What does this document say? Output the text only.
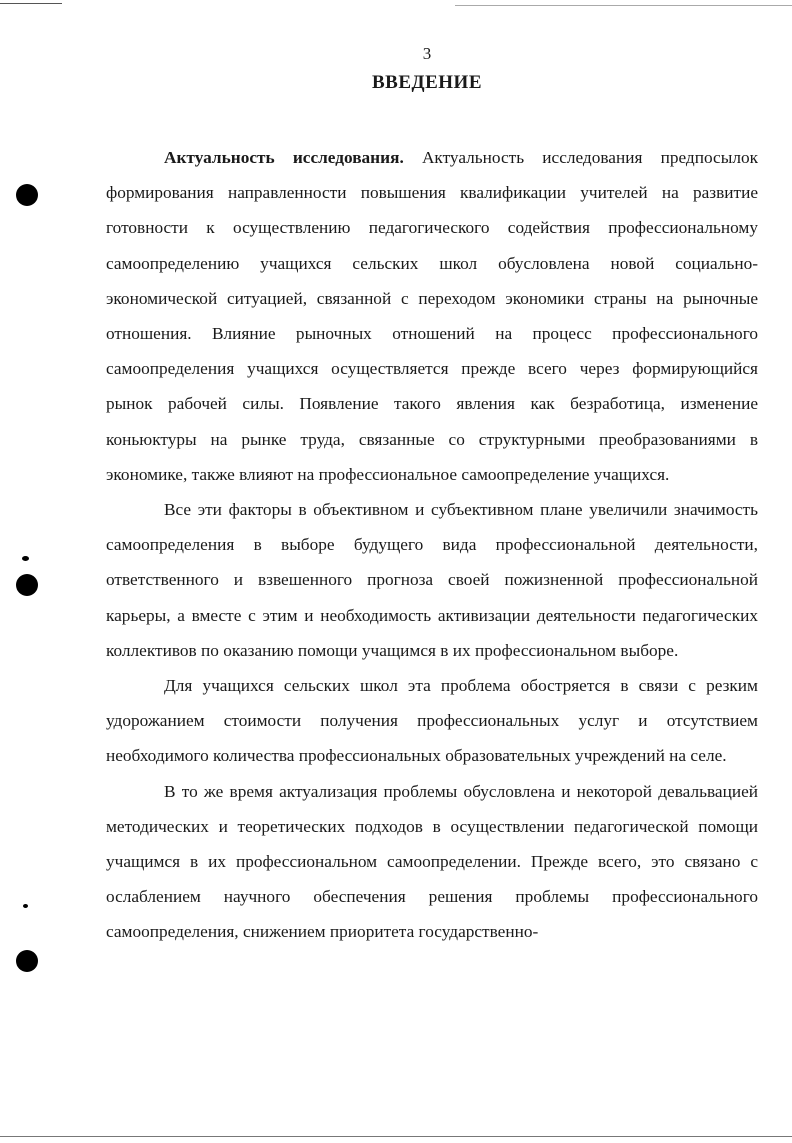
3
ВВЕДЕНИЕ

Актуальность исследования. Актуальность исследования предпосылок формирования направленности повышения квалификации учителей на развитие готовности к осуществлению педагогического содействия профессиональному самоопределению учащихся сельских школ обусловлена новой социально-экономической ситуацией, связанной с переходом экономики страны на рыночные отношения. Влияние рыночных отношений на процесс профессионального самоопределения учащихся осуществляется прежде всего через формирующийся рынок рабочей силы. Появление такого явления как безработица, изменение коньюктуры на рынке труда, связанные со структурными преобразованиями в экономике, также влияют на профессиональное самоопределение учащихся.

Все эти факторы в объективном и субъективном плане увеличили значимость самоопределения в выборе будущего вида профессиональной деятельности, ответственного и взвешенного прогноза своей пожизненной профессиональной карьеры, а вместе с этим и необходимость активизации деятельности педагогических коллективов по оказанию помощи учащимся в их профессиональном выборе.

Для учащихся сельских школ эта проблема обостряется в связи с резким удорожанием стоимости получения профессиональных услуг и отсутствием необходимого количества профессиональных образовательных учреждений на селе.

В то же время актуализация проблемы обусловлена и некоторой девальвацией методических и теоретических подходов в осуществлении педагогической помощи учащимся в их профессиональном самоопределении. Прежде всего, это связано с ослаблением научного обеспечения решения проблемы профессионального самоопределения, снижением приоритета государственно-
